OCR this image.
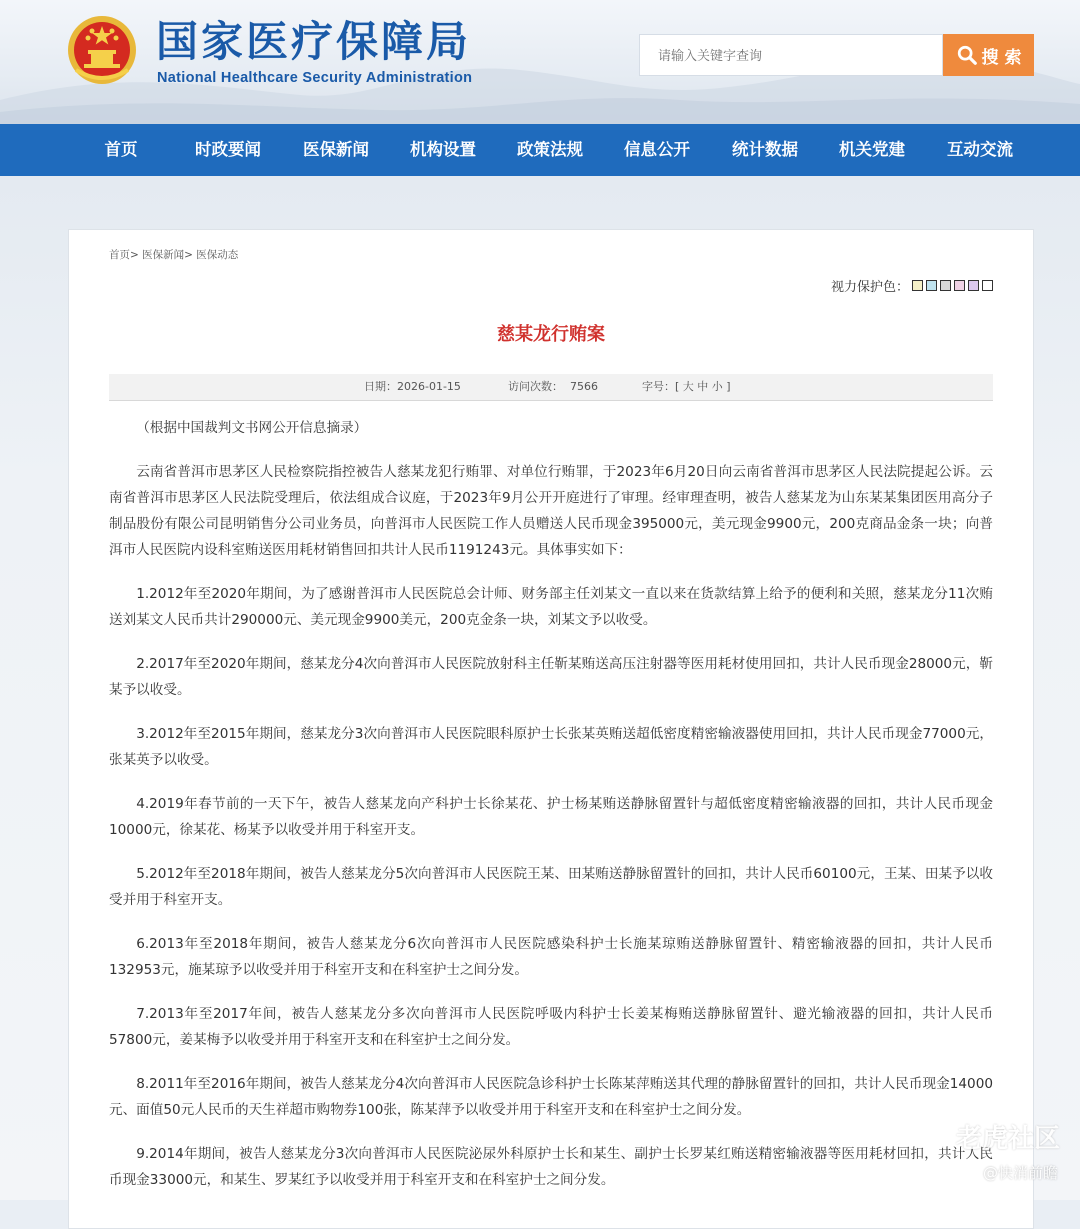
国家医疗保障局
National Healthcare Security Administration
请输入关键字查询
搜 索
首页	时政要闻	医保新闻	机构设置	政策法规	信息公开	统计数据	机关党建	互动交流
首页> 医保新闻> 医保动态
视力保护色：
慈某龙行贿案
日期：2026-01-15	访问次数： 7566	字号：[ 大 中 小 ]

（根据中国裁判文书网公开信息摘录）

云南省普洱市思茅区人民检察院指控被告人慈某龙犯行贿罪、对单位行贿罪，于2023年6月20日向云南省普洱市思茅区人民法院提起公诉。云南省普洱市思茅区人民法院受理后，依法组成合议庭，于2023年9月公开开庭进行了审理。经审理查明，被告人慈某龙为山东某某集团医用高分子制品股份有限公司昆明销售分公司业务员，向普洱市人民医院工作人员赠送人民币现金395000元，美元现金9900元，200克商品金条一块；向普洱市人民医院内设科室贿送医用耗材销售回扣共计人民币1191243元。具体事实如下：

1.2012年至2020年期间，为了感谢普洱市人民医院总会计师、财务部主任刘某文一直以来在货款结算上给予的便利和关照，慈某龙分11次贿送刘某文人民币共计290000元、美元现金9900美元，200克金条一块，刘某文予以收受。

2.2017年至2020年期间，慈某龙分4次向普洱市人民医院放射科主任靳某贿送高压注射器等医用耗材使用回扣，共计人民币现金28000元，靳某予以收受。

3.2012年至2015年期间，慈某龙分3次向普洱市人民医院眼科原护士长张某英贿送超低密度精密输液器使用回扣，共计人民币现金77000元，张某英予以收受。

4.2019年春节前的一天下午，被告人慈某龙向产科护士长徐某花、护士杨某贿送静脉留置针与超低密度精密输液器的回扣，共计人民币现金10000元，徐某花、杨某予以收受并用于科室开支。

5.2012年至2018年期间，被告人慈某龙分5次向普洱市人民医院王某、田某贿送静脉留置针的回扣，共计人民币60100元，王某、田某予以收受并用于科室开支。

6.2013年至2018年期间，被告人慈某龙分6次向普洱市人民医院感染科护士长施某琼贿送静脉留置针、精密输液器的回扣，共计人民币132953元，施某琼予以收受并用于科室开支和在科室护士之间分发。

7.2013年至2017年间，被告人慈某龙分多次向普洱市人民医院呼吸内科护士长姜某梅贿送静脉留置针、避光输液器的回扣，共计人民币57800元，姜某梅予以收受并用于科室开支和在科室护士之间分发。

8.2011年至2016年期间，被告人慈某龙分4次向普洱市人民医院急诊科护士长陈某萍贿送其代理的静脉留置针的回扣，共计人民币现金14000元、面值50元人民币的天生祥超市购物券100张，陈某萍予以收受并用于科室开支和在科室护士之间分发。

9.2014年期间，被告人慈某龙分3次向普洱市人民医院泌尿外科原护士长和某生、副护士长罗某红贿送精密输液器等医用耗材回扣，共计人民币现金33000元，和某生、罗某红予以收受并用于科室开支和在科室护士之间分发。

老虎社区
@快消前瞻
